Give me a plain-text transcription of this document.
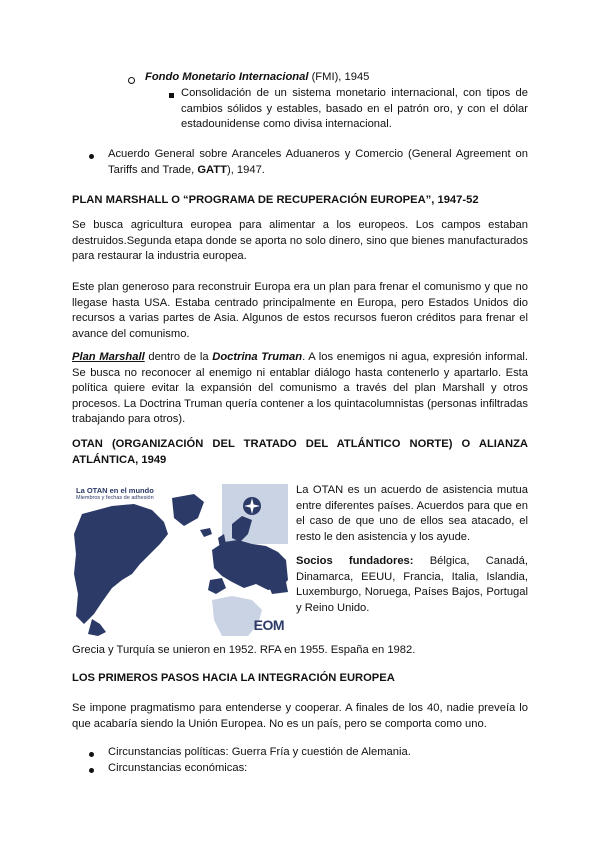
Fondo Monetario Internacional (FMI), 1945
Consolidación de un sistema monetario internacional, con tipos de cambios sólidos y estables, basado en el patrón oro, y con el dólar estadounidense como divisa internacional.
Acuerdo General sobre Aranceles Aduaneros y Comercio (General Agreement on Tariffs and Trade, GATT), 1947.
PLAN MARSHALL O “PROGRAMA DE RECUPERACIÓN EUROPEA”, 1947-52
Se busca agricultura europea para alimentar a los europeos. Los campos estaban destruidos.Segunda etapa donde se aporta no solo dinero, sino que bienes manufacturados para restaurar la industria europea.
Este plan generoso para reconstruir Europa era un plan para frenar el comunismo y que no llegase hasta USA. Estaba centrado principalmente en Europa, pero Estados Unidos dio recursos a varias partes de Asia. Algunos de estos recursos fueron créditos para frenar el avance del comunismo.
Plan Marshall dentro de la Doctrina Truman. A los enemigos ni agua, expresión informal. Se busca no reconocer al enemigo ni entablar diálogo hasta contenerlo y apartarlo. Esta política quiere evitar la expansión del comunismo a través del plan Marshall y otros procesos. La Doctrina Truman quería contener a los quintacolumnistas (personas infiltradas trabajando para otros).
OTAN (ORGANIZACIÓN DEL TRATADO DEL ATLÁNTICO NORTE) O ALIANZA ATLÁNTICA, 1949
La OTAN en el mundo
Miembros y fechas de adhesión
EOM
La OTAN es un acuerdo de asistencia mutua entre diferentes países. Acuerdos para que en el caso de que uno de ellos sea atacado, el resto le den asistencia y los ayude.
Socios fundadores: Bélgica, Canadá, Dinamarca, EEUU, Francia, Italia, Islandia, Luxemburgo, Noruega, Países Bajos, Portugal y Reino Unido.
Grecia y Turquía se unieron en 1952. RFA en 1955. España en 1982.
LOS PRIMEROS PASOS HACIA LA INTEGRACIÓN EUROPEA
Se impone pragmatismo para entenderse y cooperar. A finales de los 40, nadie preveía lo que acabaría siendo la Unión Europea. No es un país, pero se comporta como uno.
Circunstancias políticas: Guerra Fría y cuestión de Alemania.
Circunstancias económicas:
